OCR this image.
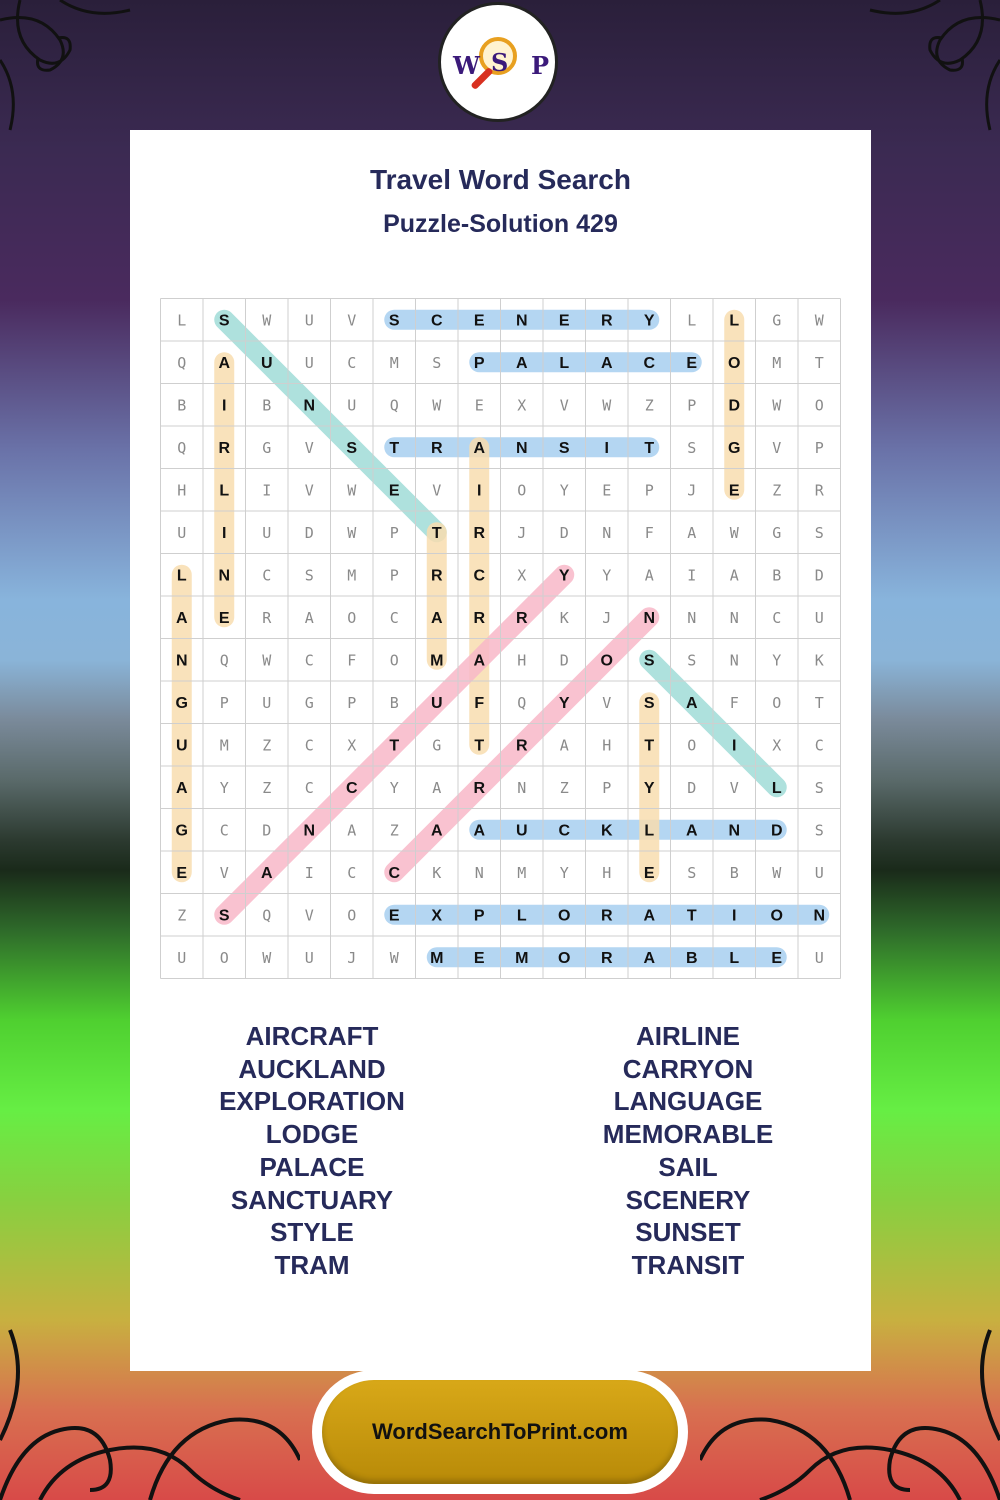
W S P
Travel Word Search
Puzzle-Solution 429
L S W U V S C E N E R Y L L G W
Q A U U C M S P A L A C E O M T
B I B N U Q W E X V W Z P D W O
Q R G V S T R A N S I T S G V P
H L I V W E V I O Y E P J E Z R
U I U D W P T R J D N F A W G S
L N C S M P R C X Y Y A I A B D
A E R A O C A R R K J N N N C U
N Q W C F O M A H D O S S N Y K
G P U G P B U F Q Y V S A F O T
U M Z C X T G T R A H T O I X C
A Y Z C C Y A R N Z P Y D V L S
G C D N A Z A A U C K L A N D S
E V A I C C K N M Y H E S B W U
Z S Q V O E X P L O R A T I O N
U O W U J W M E M O R A B L E U
AIRCRAFT
AUCKLAND
EXPLORATION
LODGE
PALACE
SANCTUARY
STYLE
TRAM
AIRLINE
CARRYON
LANGUAGE
MEMORABLE
SAIL
SCENERY
SUNSET
TRANSIT
WordSearchToPrint.com
